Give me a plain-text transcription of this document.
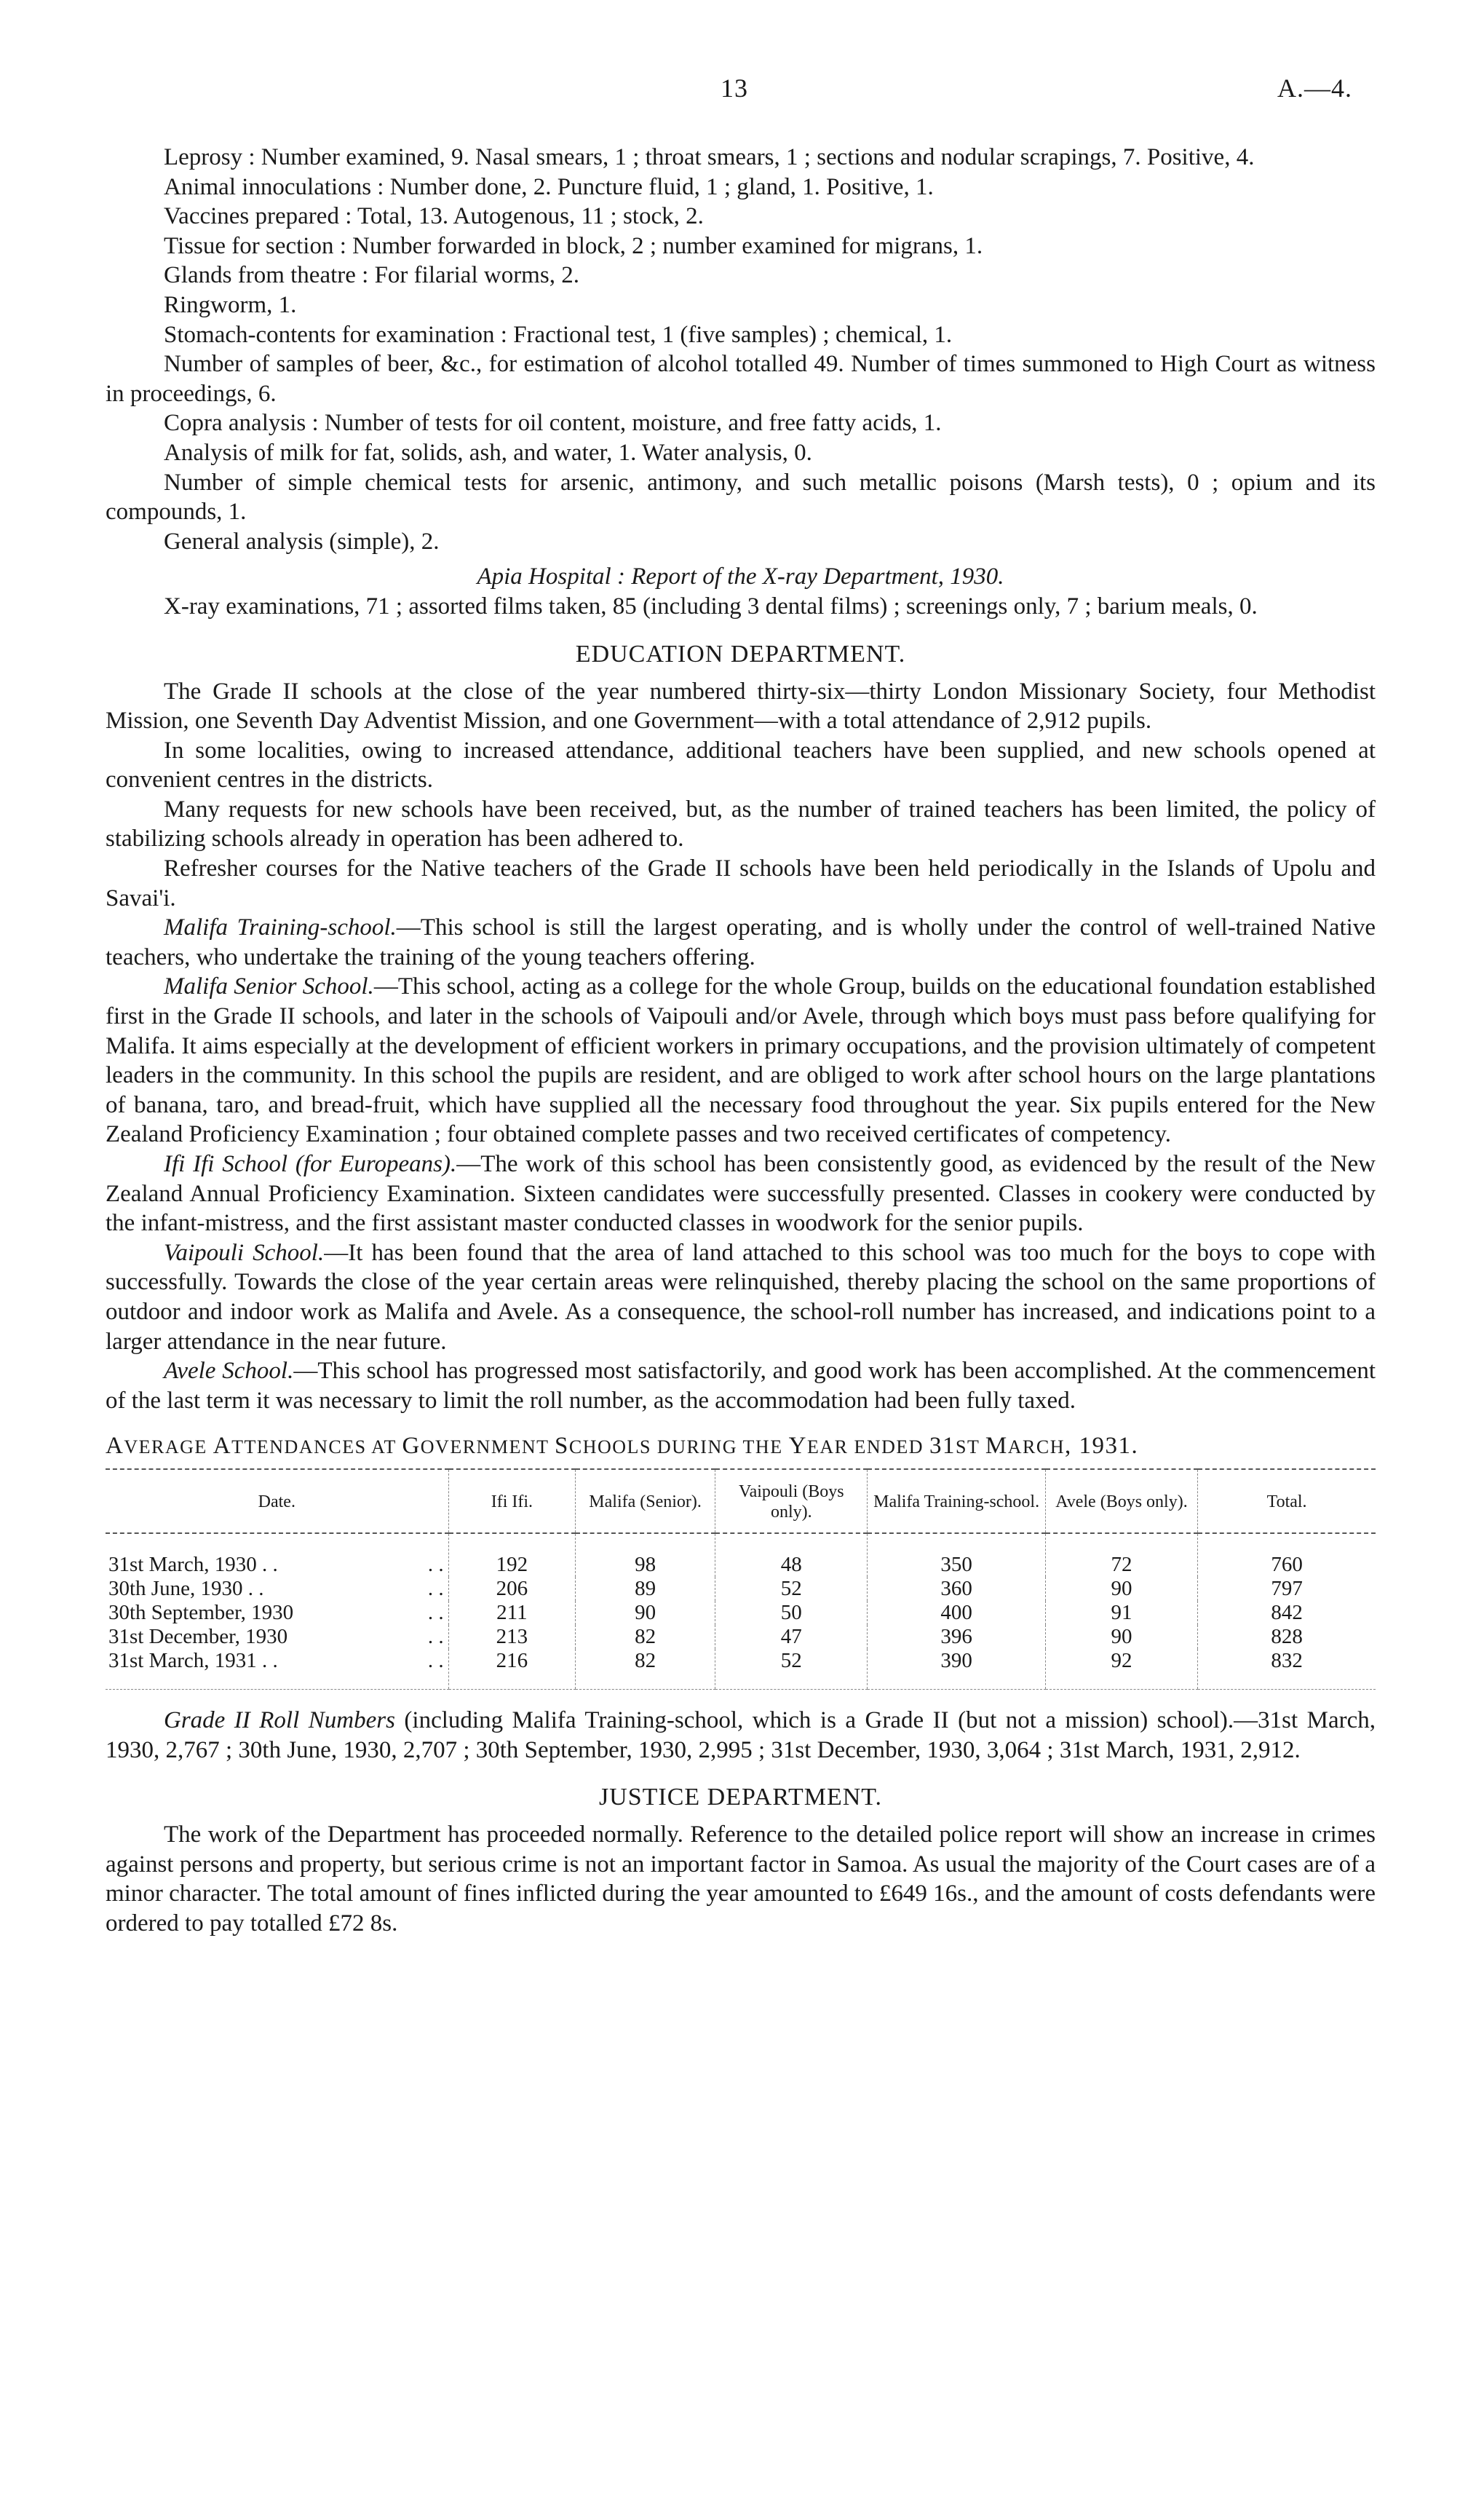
13	A.—4.

Leprosy : Number examined, 9. Nasal smears, 1 ; throat smears, 1 ; sections and nodular scrapings, 7. Positive, 4.

Animal innoculations : Number done, 2. Puncture fluid, 1 ; gland, 1. Positive, 1.

Vaccines prepared : Total, 13. Autogenous, 11 ; stock, 2.

Tissue for section : Number forwarded in block, 2 ; number examined for migrans, 1.

Glands from theatre : For filarial worms, 2.

Ringworm, 1.

Stomach-contents for examination : Fractional test, 1 (five samples) ; chemical, 1.

Number of samples of beer, &c., for estimation of alcohol totalled 49. Number of times summoned to High Court as witness in proceedings, 6.

Copra analysis : Number of tests for oil content, moisture, and free fatty acids, 1.

Analysis of milk for fat, solids, ash, and water, 1. Water analysis, 0.

Number of simple chemical tests for arsenic, antimony, and such metallic poisons (Marsh tests), 0 ; opium and its compounds, 1.

General analysis (simple), 2.

Apia Hospital : Report of the X-ray Department, 1930.

X-ray examinations, 71 ; assorted films taken, 85 (including 3 dental films) ; screenings only, 7 ; barium meals, 0.

EDUCATION DEPARTMENT.

The Grade II schools at the close of the year numbered thirty-six—thirty London Missionary Society, four Methodist Mission, one Seventh Day Adventist Mission, and one Government—with a total attendance of 2,912 pupils.

In some localities, owing to increased attendance, additional teachers have been supplied, and new schools opened at convenient centres in the districts.

Many requests for new schools have been received, but, as the number of trained teachers has been limited, the policy of stabilizing schools already in operation has been adhered to.

Refresher courses for the Native teachers of the Grade II schools have been held periodically in the Islands of Upolu and Savai'i.

Malifa Training-school.—This school is still the largest operating, and is wholly under the control of well-trained Native teachers, who undertake the training of the young teachers offering.

Malifa Senior School.—This school, acting as a college for the whole Group, builds on the educational foundation established first in the Grade II schools, and later in the schools of Vaipouli and/or Avele, through which boys must pass before qualifying for Malifa. It aims especially at the development of efficient workers in primary occupations, and the provision ultimately of competent leaders in the community. In this school the pupils are resident, and are obliged to work after school hours on the large plantations of banana, taro, and bread-fruit, which have supplied all the necessary food throughout the year. Six pupils entered for the New Zealand Proficiency Examination ; four obtained complete passes and two received certificates of competency.

Ifi Ifi School (for Europeans).—The work of this school has been consistently good, as evidenced by the result of the New Zealand Annual Proficiency Examination. Sixteen candidates were successfully presented. Classes in cookery were conducted by the infant-mistress, and the first assistant master conducted classes in woodwork for the senior pupils.

Vaipouli School.—It has been found that the area of land attached to this school was too much for the boys to cope with successfully. Towards the close of the year certain areas were relinquished, thereby placing the school on the same proportions of outdoor and indoor work as Malifa and Avele. As a consequence, the school-roll number has increased, and indications point to a larger attendance in the near future.

Avele School.—This school has progressed most satisfactorily, and good work has been accomplished. At the commencement of the last term it was necessary to limit the roll number, as the accommodation had been fully taxed.

AVERAGE ATTENDANCES AT GOVERNMENT SCHOOLS DURING THE YEAR ENDED 31ST MARCH, 1931.

Date.	Ifi Ifi.	Malifa (Senior).	Vaipouli (Boys only).	Malifa Training-school.	Avele (Boys only).	Total.
31st March, 1930 . . . .	192	98	48	350	72	760
30th June, 1930 . . . .	206	89	52	360	90	797
30th September, 1930 . .	211	90	50	400	91	842
31st December, 1930 . .	213	82	47	396	90	828
31st March, 1931 . . . .	216	82	52	390	92	832

Grade II Roll Numbers (including Malifa Training-school, which is a Grade II (but not a mission) school).—31st March, 1930, 2,767 ; 30th June, 1930, 2,707 ; 30th September, 1930, 2,995 ; 31st December, 1930, 3,064 ; 31st March, 1931, 2,912.

JUSTICE DEPARTMENT.

The work of the Department has proceeded normally. Reference to the detailed police report will show an increase in crimes against persons and property, but serious crime is not an important factor in Samoa. As usual the majority of the Court cases are of a minor character. The total amount of fines inflicted during the year amounted to £649 16s., and the amount of costs defendants were ordered to pay totalled £72 8s.
